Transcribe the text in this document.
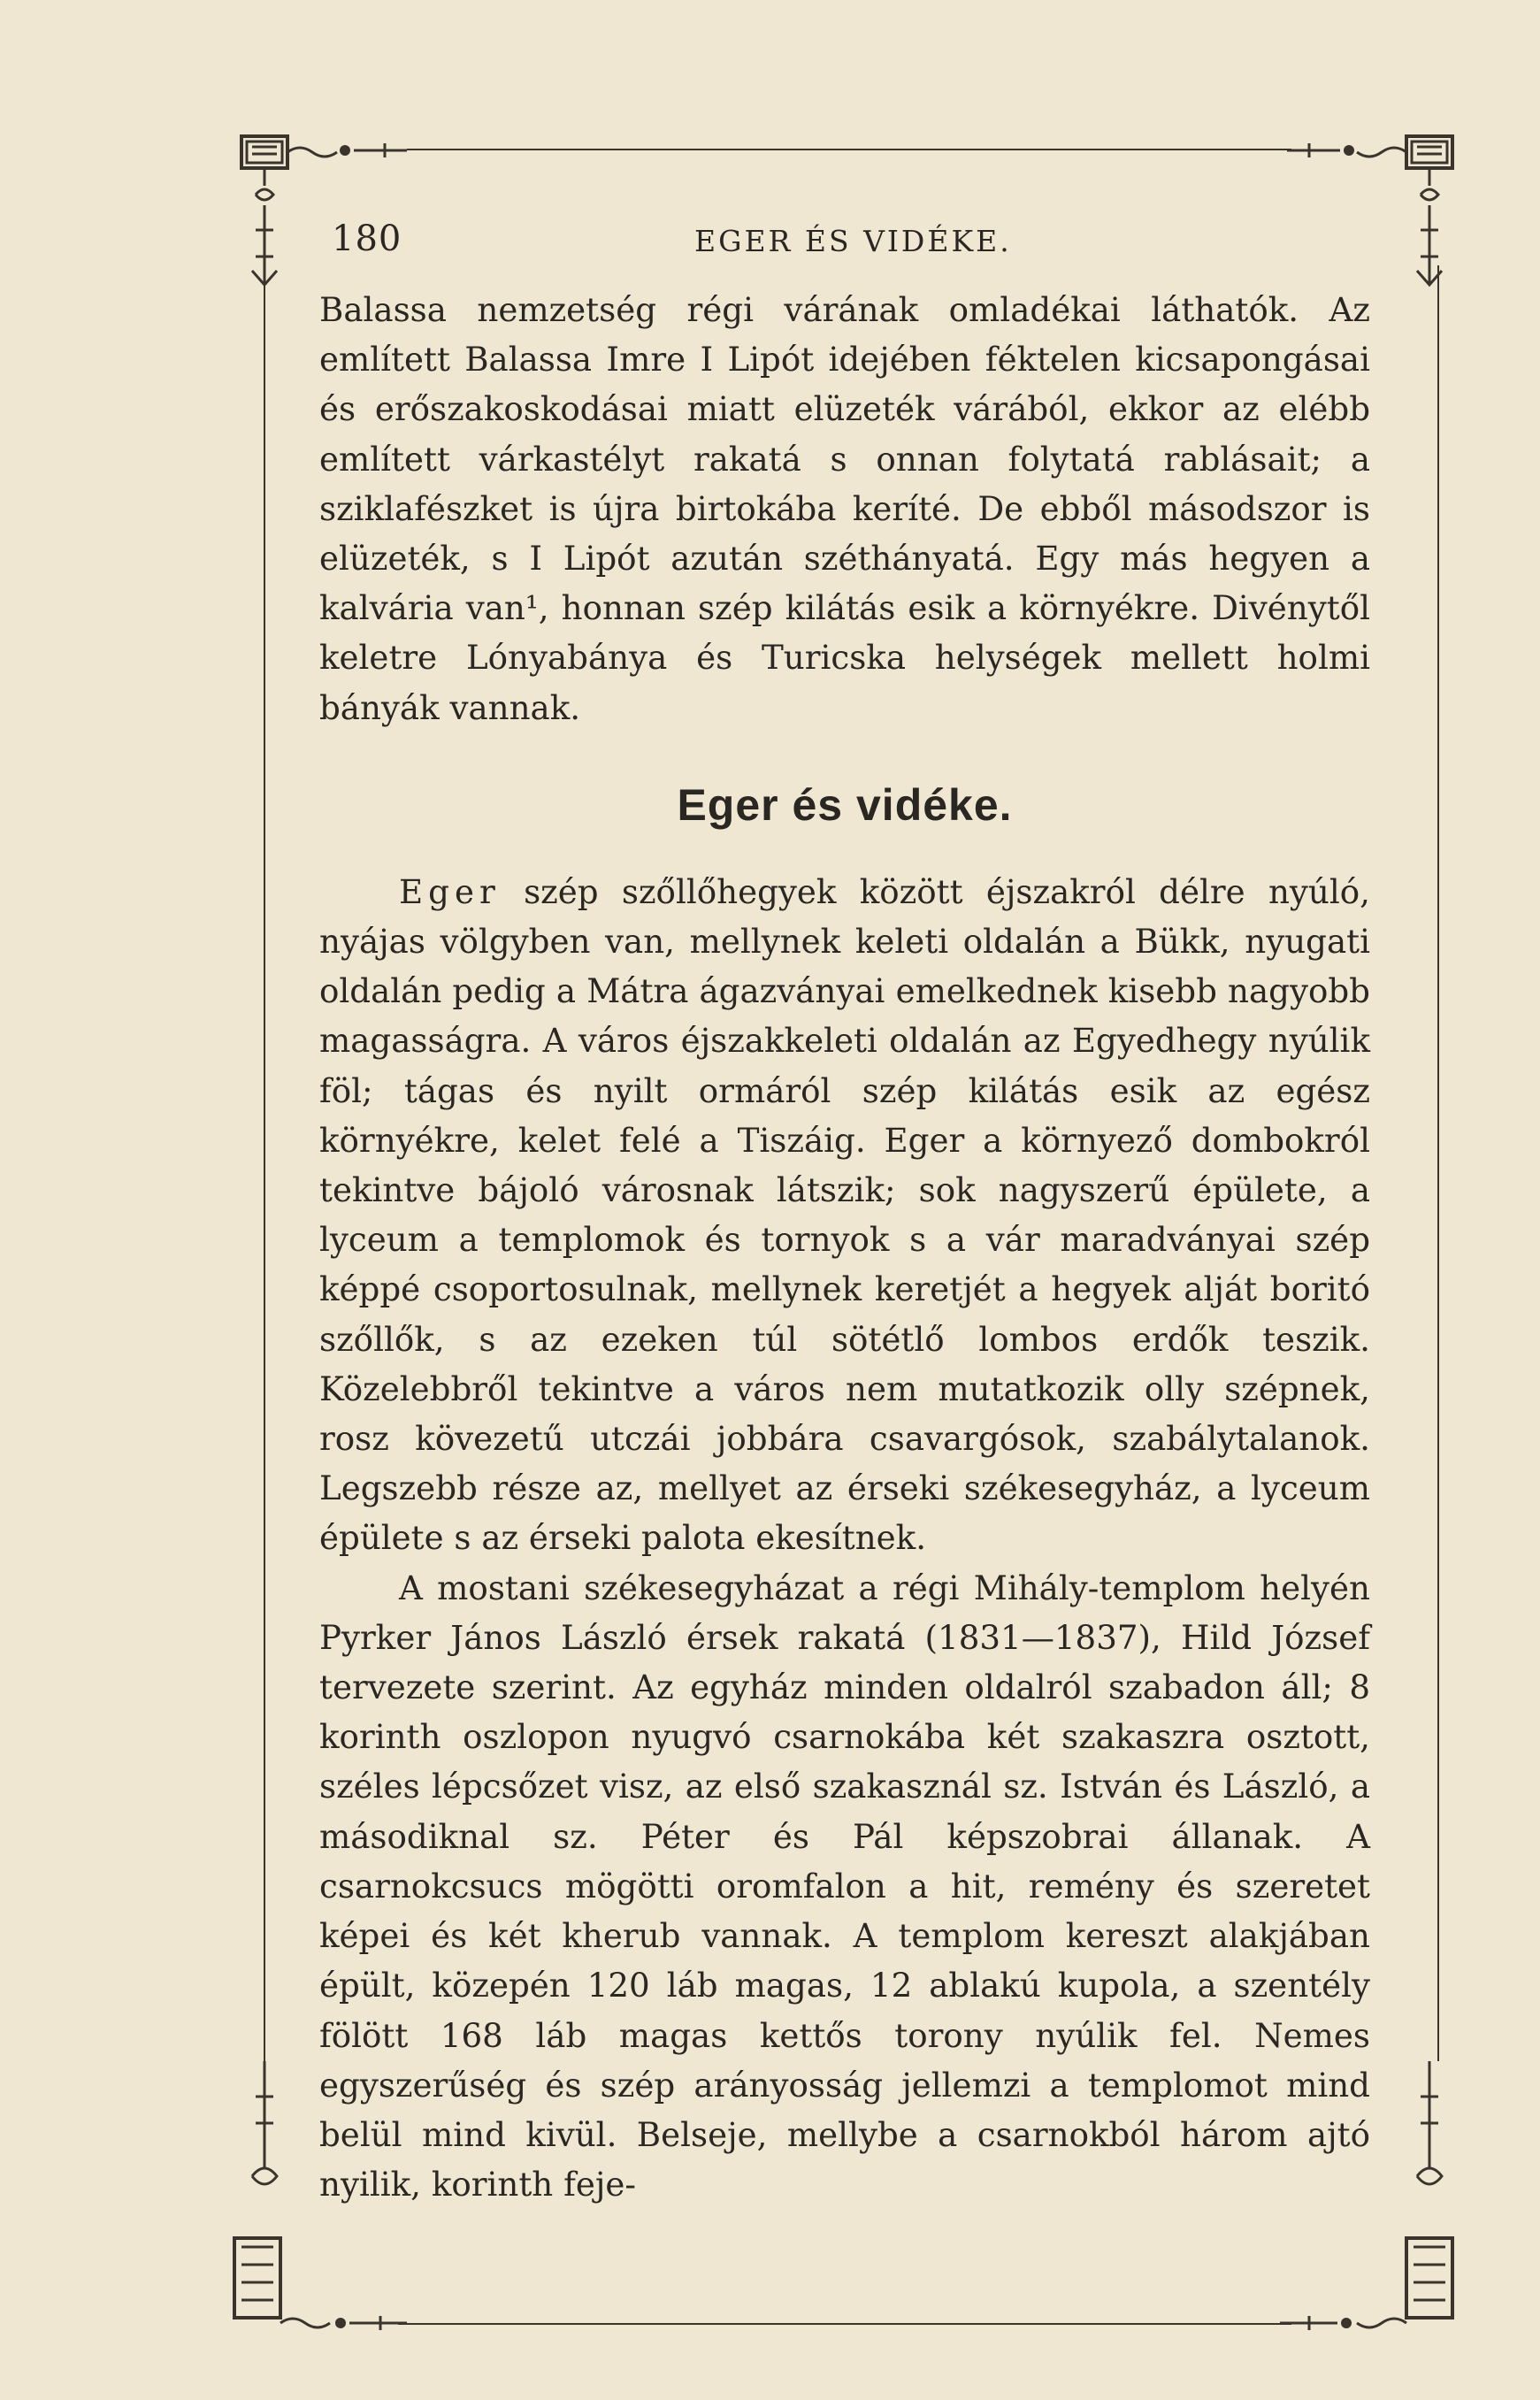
180	EGER ÉS VIDÉKE.

Balassa nemzetség régi várának omladékai láthatók. Az említett Balassa Imre I Lipót idejében féktelen kicsapongásai és erőszakoskodásai miatt elüzeték várából, ekkor az elébb említett várkastélyt rakatá s onnan folytatá rablásait; a sziklafészket is újra birtokába keríté. De ebből másodszor is elüzeték, s I Lipót azután széthányatá. Egy más hegyen a kalvária van¹, honnan szép kilátás esik a környékre. Divénytől keletre Lónyabánya és Turicska helységek mellett holmi bányák vannak.

Eger és vidéke.

Eger szép szőllőhegyek között éjszakról délre nyúló, nyájas völgyben van, mellynek keleti oldalán a Bükk, nyugati oldalán pedig a Mátra ágazványai emelkednek kisebb nagyobb magasságra. A város éjszakkeleti oldalán az Egyedhegy nyúlik föl; tágas és nyilt ormáról szép kilátás esik az egész környékre, kelet felé a Tiszáig. Eger a környező dombokról tekintve bájoló városnak látszik; sok nagyszerű épülete, a lyceum a templomok és tornyok s a vár maradványai szép képpé csoportosulnak, mellynek keretjét a hegyek alját boritó szőllők, s az ezeken túl sötétlő lombos erdők teszik. Közelebbről tekintve a város nem mutatkozik olly szépnek, rosz kövezetű utczái jobbára csavargósok, szabálytalanok. Legszebb része az, mellyet az érseki székesegyház, a lyceum épülete s az érseki palota ekesítnek.

A mostani székesegyházat a régi Mihály-templom helyén Pyrker János László érsek rakatá (1831—1837), Hild József tervezete szerint. Az egyház minden oldalról szabadon áll; 8 korinth oszlopon nyugvó csarnokába két szakaszra osztott, széles lépcsőzet visz, az első szakasznál sz. István és László, a másodiknal sz. Péter és Pál képszobrai állanak. A csarnokcsucs mögötti oromfalon a hit, remény és szeretet képei és két kherub vannak. A templom kereszt alakjában épült, közepén 120 láb magas, 12 ablakú kupola, a szentély fölött 168 láb magas kettős torony nyúlik fel. Nemes egyszerűség és szép arányosság jellemzi a templomot mind belül mind kivül. Belseje, mellybe a csarnokból három ajtó nyilik, korinth feje-
